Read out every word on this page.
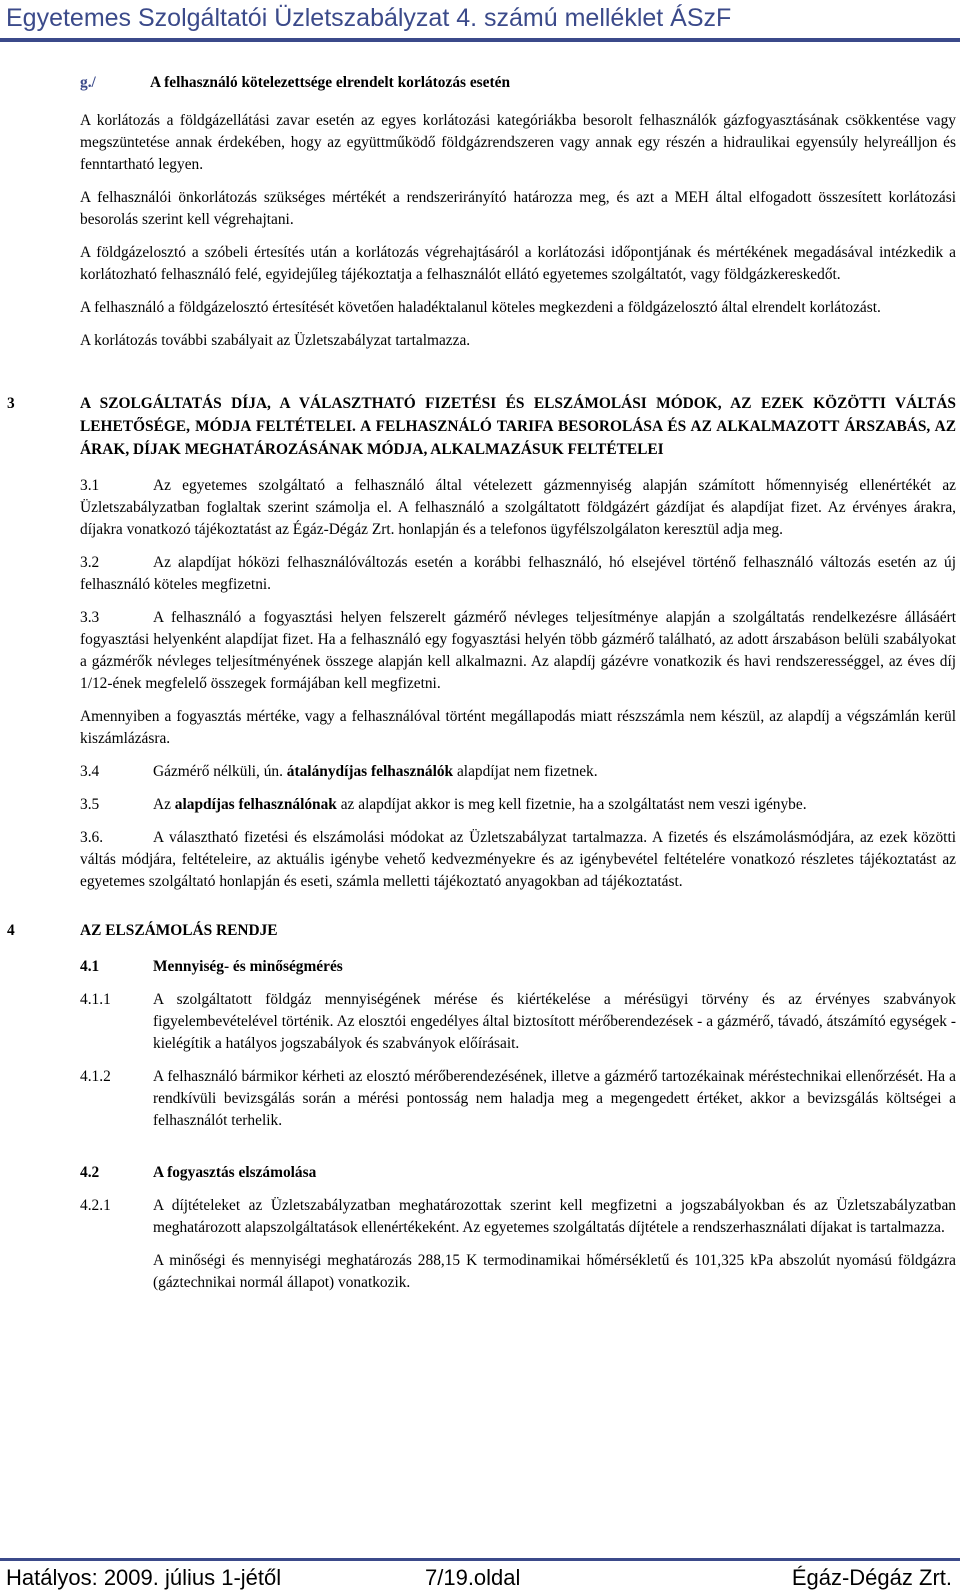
Egyetemes Szolgáltatói Üzletszabályzat 4. számú melléklet ÁSzF
g./	A felhasználó kötelezettsége elrendelt korlátozás esetén

A korlátozás a földgázellátási zavar esetén az egyes korlátozási kategóriákba besorolt felhasználók gázfogyasztásának csökkentése vagy megszüntetése annak érdekében, hogy az együttműködő földgázrendszeren vagy annak egy részén a hidraulikai egyensúly helyreálljon és fenntartható legyen.

A felhasználói önkorlátozás szükséges mértékét a rendszerirányító határozza meg, és azt a MEH által elfogadott összesített korlátozási besorolás szerint kell végrehajtani.

A földgázelosztó a szóbeli értesítés után a korlátozás végrehajtásáról a korlátozási időpontjának és mértékének megadásával intézkedik a korlátozható felhasználó felé, egyidejűleg tájékoztatja a felhasználót ellátó egyetemes szolgáltatót, vagy földgázkereskedőt.

A felhasználó a földgázelosztó értesítését követően haladéktalanul köteles megkezdeni a földgázelosztó által elrendelt korlátozást.

A korlátozás további szabályait az Üzletszabályzat tartalmazza.

3	A SZOLGÁLTATÁS DÍJA, A VÁLASZTHATÓ FIZETÉSI ÉS ELSZÁMOLÁSI MÓDOK, AZ EZEK KÖZÖTTI VÁLTÁS LEHETŐSÉGE, MÓDJA FELTÉTELEI. A FELHASZNÁLÓ TARIFA BESOROLÁSA ÉS AZ ALKALMAZOTT ÁRSZABÁS, AZ ÁRAK, DÍJAK MEGHATÁROZÁSÁNAK MÓDJA, ALKALMAZÁSUK FELTÉTELEI
3.1	Az egyetemes szolgáltató a felhasználó által vételezett gázmennyiség alapján számított hőmennyiség ellenértékét az Üzletszabályzatban foglaltak szerint számolja el. A felhasználó a szolgáltatott földgázért gázdíjat és alapdíjat fizet. Az érvényes árakra, díjakra vonatkozó tájékoztatást az Égáz-Dégáz Zrt. honlapján és a telefonos ügyfélszolgálaton keresztül adja meg.
3.2	Az alapdíjat hóközi felhasználóváltozás esetén a korábbi felhasználó, hó elsejével történő felhasználó változás esetén az új felhasználó köteles megfizetni.
3.3	A felhasználó a fogyasztási helyen felszerelt gázmérő névleges teljesítménye alapján a szolgáltatás rendelkezésre állásáért fogyasztási helyenként alapdíjat fizet. Ha a felhasználó egy fogyasztási helyén több gázmérő található, az adott árszabáson belüli szabályokat a gázmérők névleges teljesítményének összege alapján kell alkalmazni. Az alapdíj gázévre vonatkozik és havi rendszerességgel, az éves díj 1/12-ének megfelelő összegek formájában kell megfizetni.

Amennyiben a fogyasztás mértéke, vagy a felhasználóval történt megállapodás miatt részszámla nem készül, az alapdíj a végszámlán kerül kiszámlázásra.

3.4	Gázmérő nélküli, ún. átalánydíjas felhasználók alapdíjat nem fizetnek.
3.5	Az alapdíjas felhasználónak az alapdíjat akkor is meg kell fizetnie, ha a szolgáltatást nem veszi igénybe.
3.6.	A választható fizetési és elszámolási módokat az Üzletszabályzat tartalmazza. A fizetés és elszámolásmódjára, az ezek közötti váltás módjára, feltételeire, az aktuális igénybe vehető kedvezményekre és az igénybevétel feltételére vonatkozó részletes tájékoztatást az egyetemes szolgáltató honlapján és eseti, számla melletti tájékoztató anyagokban ad tájékoztatást.
4	AZ ELSZÁMOLÁS RENDJE
4.1	Mennyiség- és minőségmérés
4.1.1	A szolgáltatott földgáz mennyiségének mérése és kiértékelése a mérésügyi törvény és az érvényes szabványok figyelembevételével történik. Az elosztói engedélyes által biztosított mérőberendezések - a gázmérő, távadó, átszámító egységek - kielégítik a hatályos jogszabályok és szabványok előírásait.
4.1.2	A felhasználó bármikor kérheti az elosztó mérőberendezésének, illetve a gázmérő tartozékainak méréstechnikai ellenőrzését. Ha a rendkívüli bevizsgálás során a mérési pontosság nem haladja meg a megengedett értéket, akkor a bevizsgálás költségei a felhasználót terhelik.
4.2	A fogyasztás elszámolása
4.2.1	A díjtételeket az Üzletszabályzatban meghatározottak szerint kell megfizetni a jogszabályokban és az Üzletszabályzatban meghatározott alapszolgáltatások ellenértékeként. Az egyetemes szolgáltatás díjtétele a rendszerhasználati díjakat is tartalmazza.

A minőségi és mennyiségi meghatározás 288,15 K termodinamikai hőmérsékletű és 101,325 kPa abszolút nyomású földgázra (gáztechnikai normál állapot) vonatkozik.

Hatályos: 2009. július 1-jétől	7/19.oldal	Égáz-Dégáz Zrt.
